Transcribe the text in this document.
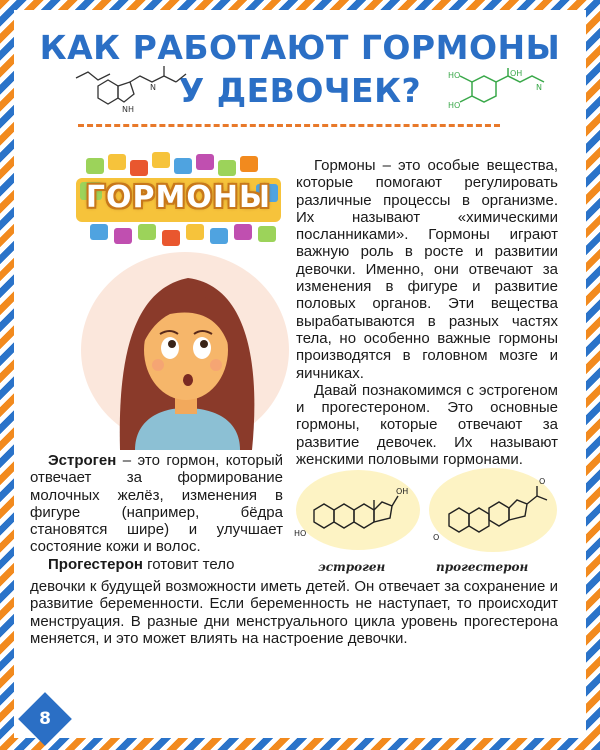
КАК РАБОТАЮТ ГОРМОНЫ
У ДЕВОЧЕК?
NH
N
HO
HO
OH
N
ГОРМОНЫ

Гормоны – это особые вещества, которые помогают регулировать различные процессы в организме. Их называют «химическими посланниками». Гормоны играют важную роль в росте и развитии девочки. Именно, они отвечают за изменения в фигуре и развитие половых органов. Эти вещества вырабатываются в разных частях тела, но особенно важные гормоны производятся в головном мозге и яичниках.

Давай познакомимся с эстрогеном и прогестероном. Это основные гормоны, которые отвечают за развитие девочек. Их называют женскими половыми гормонами.

Эстроген – это гормон, который отвечает за формирование молочных желёз, изменения в фигуре (например, бёдра становятся шире) и улучшает состояние кожи и волос.

Прогестерон готовит тело

HO
OH
эстроген
O
O
прогестерон
девочки к будущей возможности иметь детей. Он отвечает за сохранение и развитие беременности. Если беременность не наступает, то происходит менструация. В разные дни менструального цикла уровень прогестерона меняется, и это может влиять на настроение девочки.
8
